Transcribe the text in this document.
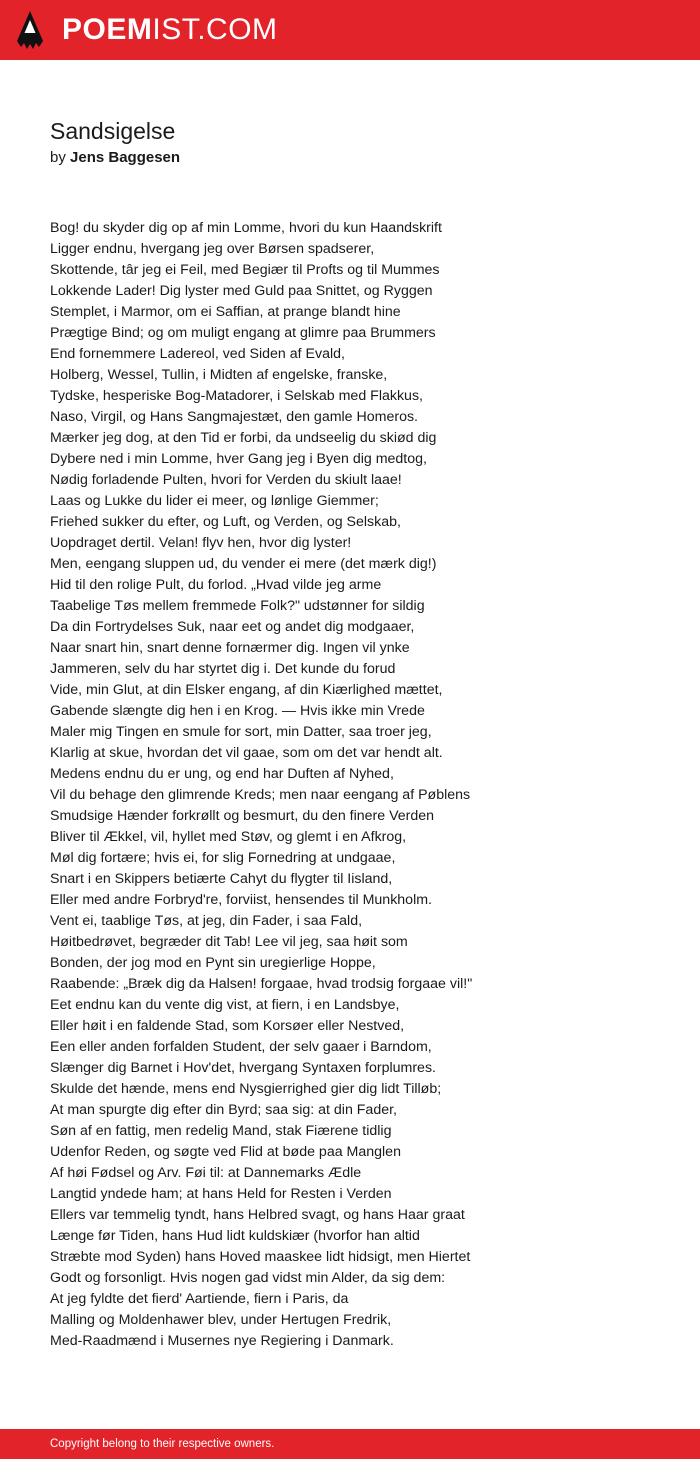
POEMIST.COM
Sandsigelse
by Jens Baggesen
Bog! du skyder dig op af min Lomme, hvori du kun Haandskrift
Ligger endnu, hvergang jeg over Børsen spadserer,
Skottende, târ jeg ei Feil, med Begiær til Profts og til Mummes
Lokkende Lader! Dig lyster med Guld paa Snittet, og Ryggen
Stemplet, i Marmor, om ei Saffian, at prange blandt hine
Prægtige Bind; og om muligt engang at glimre paa Brummers
End fornemmere Ladereol, ved Siden af Evald,
Holberg, Wessel, Tullin, i Midten af engelske, franske,
Tydske, hesperiske Bog-Matadorer, i Selskab med Flakkus,
Naso, Virgil, og Hans Sangmajestæt, den gamle Homeros.
Mærker jeg dog, at den Tid er forbi, da undseelig du skiød dig
Dybere ned i min Lomme, hver Gang jeg i Byen dig medtog,
Nødig forladende Pulten, hvori for Verden du skiult laae!
Laas og Lukke du lider ei meer, og lønlige Giemmer;
Friehed sukker du efter, og Luft, og Verden, og Selskab,
Uopdraget dertil. Velan! flyv hen, hvor dig lyster!
Men, eengang sluppen ud, du vender ei mere (det mærk dig!)
Hid til den rolige Pult, du forlod. „Hvad vilde jeg arme
Taabelige Tøs mellem fremmede Folk?" udstønner for sildig
Da din Fortrydelses Suk, naar eet og andet dig modgaaer,
Naar snart hin, snart denne fornærmer dig. Ingen vil ynke
Jammeren, selv du har styrtet dig i. Det kunde du forud
Vide, min Glut, at din Elsker engang, af din Kiærlighed mættet,
Gabende slængte dig hen i en Krog. — Hvis ikke min Vrede
Maler mig Tingen en smule for sort, min Datter, saa troer jeg,
Klarlig at skue, hvordan det vil gaae, som om det var hendt alt.
Medens endnu du er ung, og end har Duften af Nyhed,
Vil du behage den glimrende Kreds; men naar eengang af Pøblens
Smudsige Hænder forkrøllt og besmurt, du den finere Verden
Bliver til Ækkel, vil, hyllet med Støv, og glemt i en Afkrog,
Møl dig fortære; hvis ei, for slig Fornedring at undgaae,
Snart i en Skippers betiærte Cahyt du flygter til Iisland,
Eller med andre Forbryd're, forviist, hensendes til Munkholm.
Vent ei, taablige Tøs, at jeg, din Fader, i saa Fald,
Høitbedrøvet, begræder dit Tab! Lee vil jeg, saa høit som
Bonden, der jog mod en Pynt sin uregierlige Hoppe,
Raabende: „Bræk dig da Halsen! forgaae, hvad trodsig forgaae vil!"
Eet endnu kan du vente dig vist, at fiern, i en Landsbye,
Eller høit i en faldende Stad, som Korsøer eller Nestved,
Een eller anden forfalden Student, der selv gaaer i Barndom,
Slænger dig Barnet i Hov'det, hvergang Syntaxen forplumres.
Skulde det hænde, mens end Nysgierrighed gier dig lidt Tilløb;
At man spurgte dig efter din Byrd; saa sig: at din Fader,
Søn af en fattig, men redelig Mand, stak Fiærene tidlig
Udenfor Reden, og søgte ved Flid at bøde paa Manglen
Af høi Fødsel og Arv. Føi til: at Dannemarks Ædle
Langtid yndede ham; at hans Held for Resten i Verden
Ellers var temmelig tyndt, hans Helbred svagt, og hans Haar graat
Længe før Tiden, hans Hud lidt kuldskiær (hvorfor han altid
Stræbte mod Syden) hans Hoved maaskee lidt hidsigt, men Hiertet
Godt og forsonligt. Hvis nogen gad vidst min Alder, da sig dem:
At jeg fyldte det fierd' Aartiende, fiern i Paris, da
Malling og Moldenhawer blev, under Hertugen Fredrik,
Med-Raadmænd i Musernes nye Regiering i Danmark.
Copyright belong to their respective owners.
